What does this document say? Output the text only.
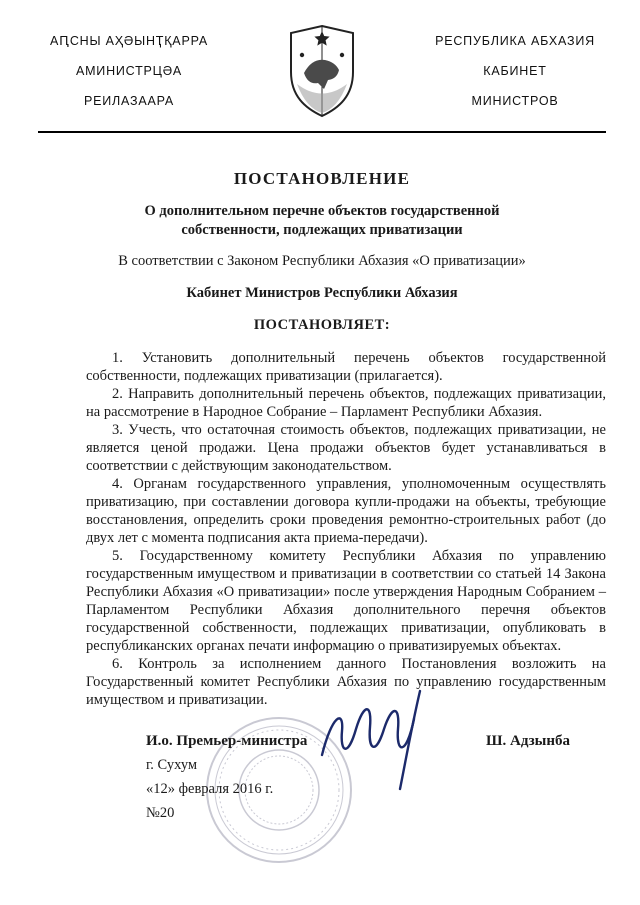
АԤСНЫ АҲӘЫНҬҚАРРА
АМИНИСТРЦӘА
РЕИЛАЗААРА
РЕСПУБЛИКА АБХАЗИЯ
КАБИНЕТ
МИНИСТРОВ
ПОСТАНОВЛЕНИЕ
О дополнительном перечне объектов государственной собственности, подлежащих приватизации

В соответствии с Законом Республики Абхазия «О приватизации»

Кабинет Министров Республики Абхазия

ПОСТАНОВЛЯЕТ:

1. Установить дополнительный перечень объектов государственной собственности, подлежащих приватизации (прилагается).

2. Направить дополнительный перечень объектов, подлежащих приватизации, на рассмотрение в Народное Собрание – Парламент Республики Абхазия.

3. Учесть, что остаточная стоимость объектов, подлежащих приватизации, не является ценой продажи. Цена продажи объектов будет устанавливаться в соответствии с действующим законодательством.

4. Органам государственного управления, уполномоченным осуществлять приватизацию, при составлении договора купли-продажи на объекты, требующие восстановления, определить сроки проведения ремонтно-строительных работ (до двух лет с момента подписания акта приема-передачи).

5. Государственному комитету Республики Абхазия по управлению государственным имуществом и приватизации в соответствии со статьей 14 Закона Республики Абхазия «О приватизации» после утверждения Народным Собранием – Парламентом Республики Абхазия дополнительного перечня объектов государственной собственности, подлежащих приватизации, опубликовать в республиканских органах печати информацию о приватизируемых объектах.

6. Контроль за исполнением данного Постановления возложить на Государственный комитет Республики Абхазия по управлению государственным имуществом и приватизации.

И.о. Премьер-министра	Ш. Адзынба
г. Сухум
«12» февраля 2016 г.
№20
